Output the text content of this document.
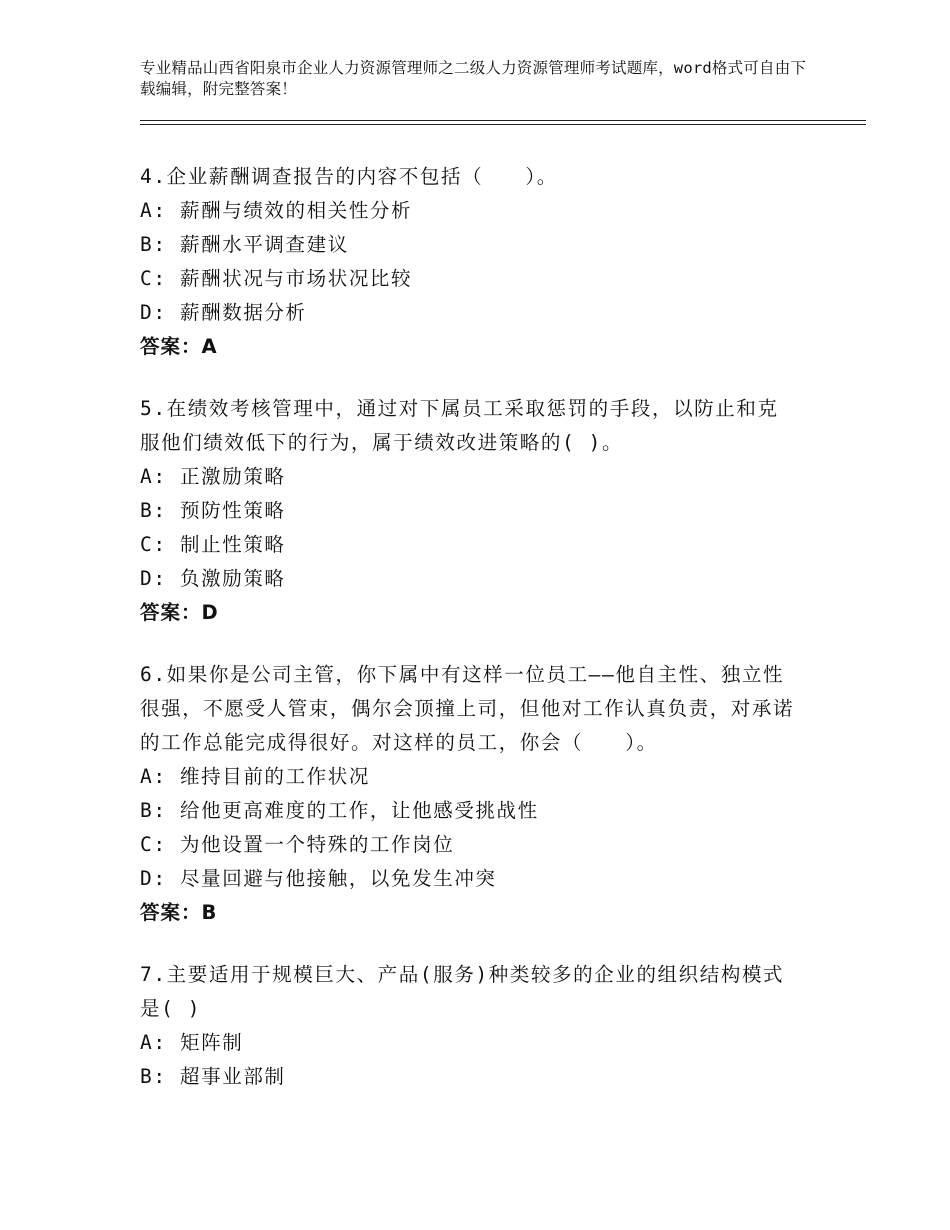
专业精品山西省阳泉市企业人力资源管理师之二级人力资源管理师考试题库，word格式可自由下载编辑，附完整答案！
4.企业薪酬调查报告的内容不包括（　　）。
A: 薪酬与绩效的相关性分析
B: 薪酬水平调查建议
C: 薪酬状况与市场状况比较
D: 薪酬数据分析
答案：A
5.在绩效考核管理中，通过对下属员工采取惩罚的手段，以防止和克服他们绩效低下的行为，属于绩效改进策略的( )。
A: 正激励策略
B: 预防性策略
C: 制止性策略
D: 负激励策略
答案：D
6.如果你是公司主管，你下属中有这样一位员工——他自主性、独立性很强，不愿受人管束，偶尔会顶撞上司，但他对工作认真负责，对承诺的工作总能完成得很好。对这样的员工，你会（　　）。
A: 维持目前的工作状况
B: 给他更高难度的工作，让他感受挑战性
C: 为他设置一个特殊的工作岗位
D: 尽量回避与他接触，以免发生冲突
答案：B
7.主要适用于规模巨大、产品(服务)种类较多的企业的组织结构模式是( )
A: 矩阵制
B: 超事业部制
